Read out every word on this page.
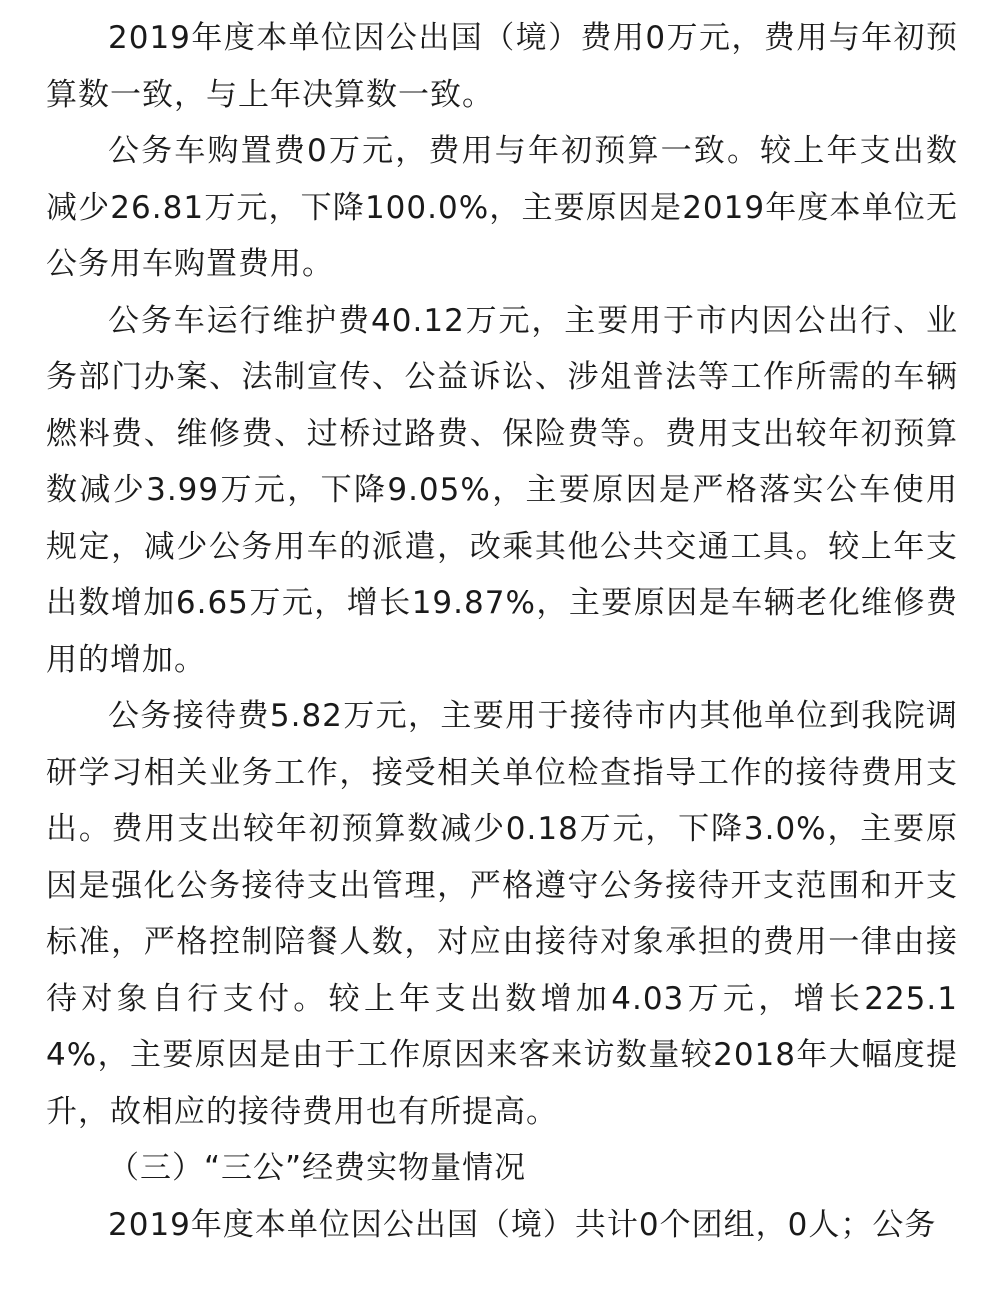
2019年度本单位因公出国（境）费用0万元，费用与年初预算数一致，与上年决算数一致。

公务车购置费0万元，费用与年初预算一致。较上年支出数减少26.81万元，下降100.0%，主要原因是2019年度本单位无公务用车购置费用。

公务车运行维护费40.12万元，主要用于市内因公出行、业务部门办案、法制宣传、公益诉讼、涉俎普法等工作所需的车辆燃料费、维修费、过桥过路费、保险费等。费用支出较年初预算数减少3.99万元，下降9.05%，主要原因是严格落实公车使用规定，减少公务用车的派遣，改乘其他公共交通工具。较上年支出数增加6.65万元，增长19.87%，主要原因是车辆老化维修费用的增加。

公务接待费5.82万元，主要用于接待市内其他单位到我院调研学习相关业务工作，接受相关单位检查指导工作的接待费用支出。费用支出较年初预算数减少0.18万元，下降3.0%，主要原因是强化公务接待支出管理，严格遵守公务接待开支范围和开支标准，严格控制陪餐人数，对应由接待对象承担的费用一律由接待对象自行支付。较上年支出数增加4.03万元，增长225.14%，主要原因是由于工作原因来客来访数量较2018年大幅度提升，故相应的接待费用也有所提高。

（三）“三公”经费实物量情况

2019年度本单位因公出国（境）共计0个团组，0人；公务
